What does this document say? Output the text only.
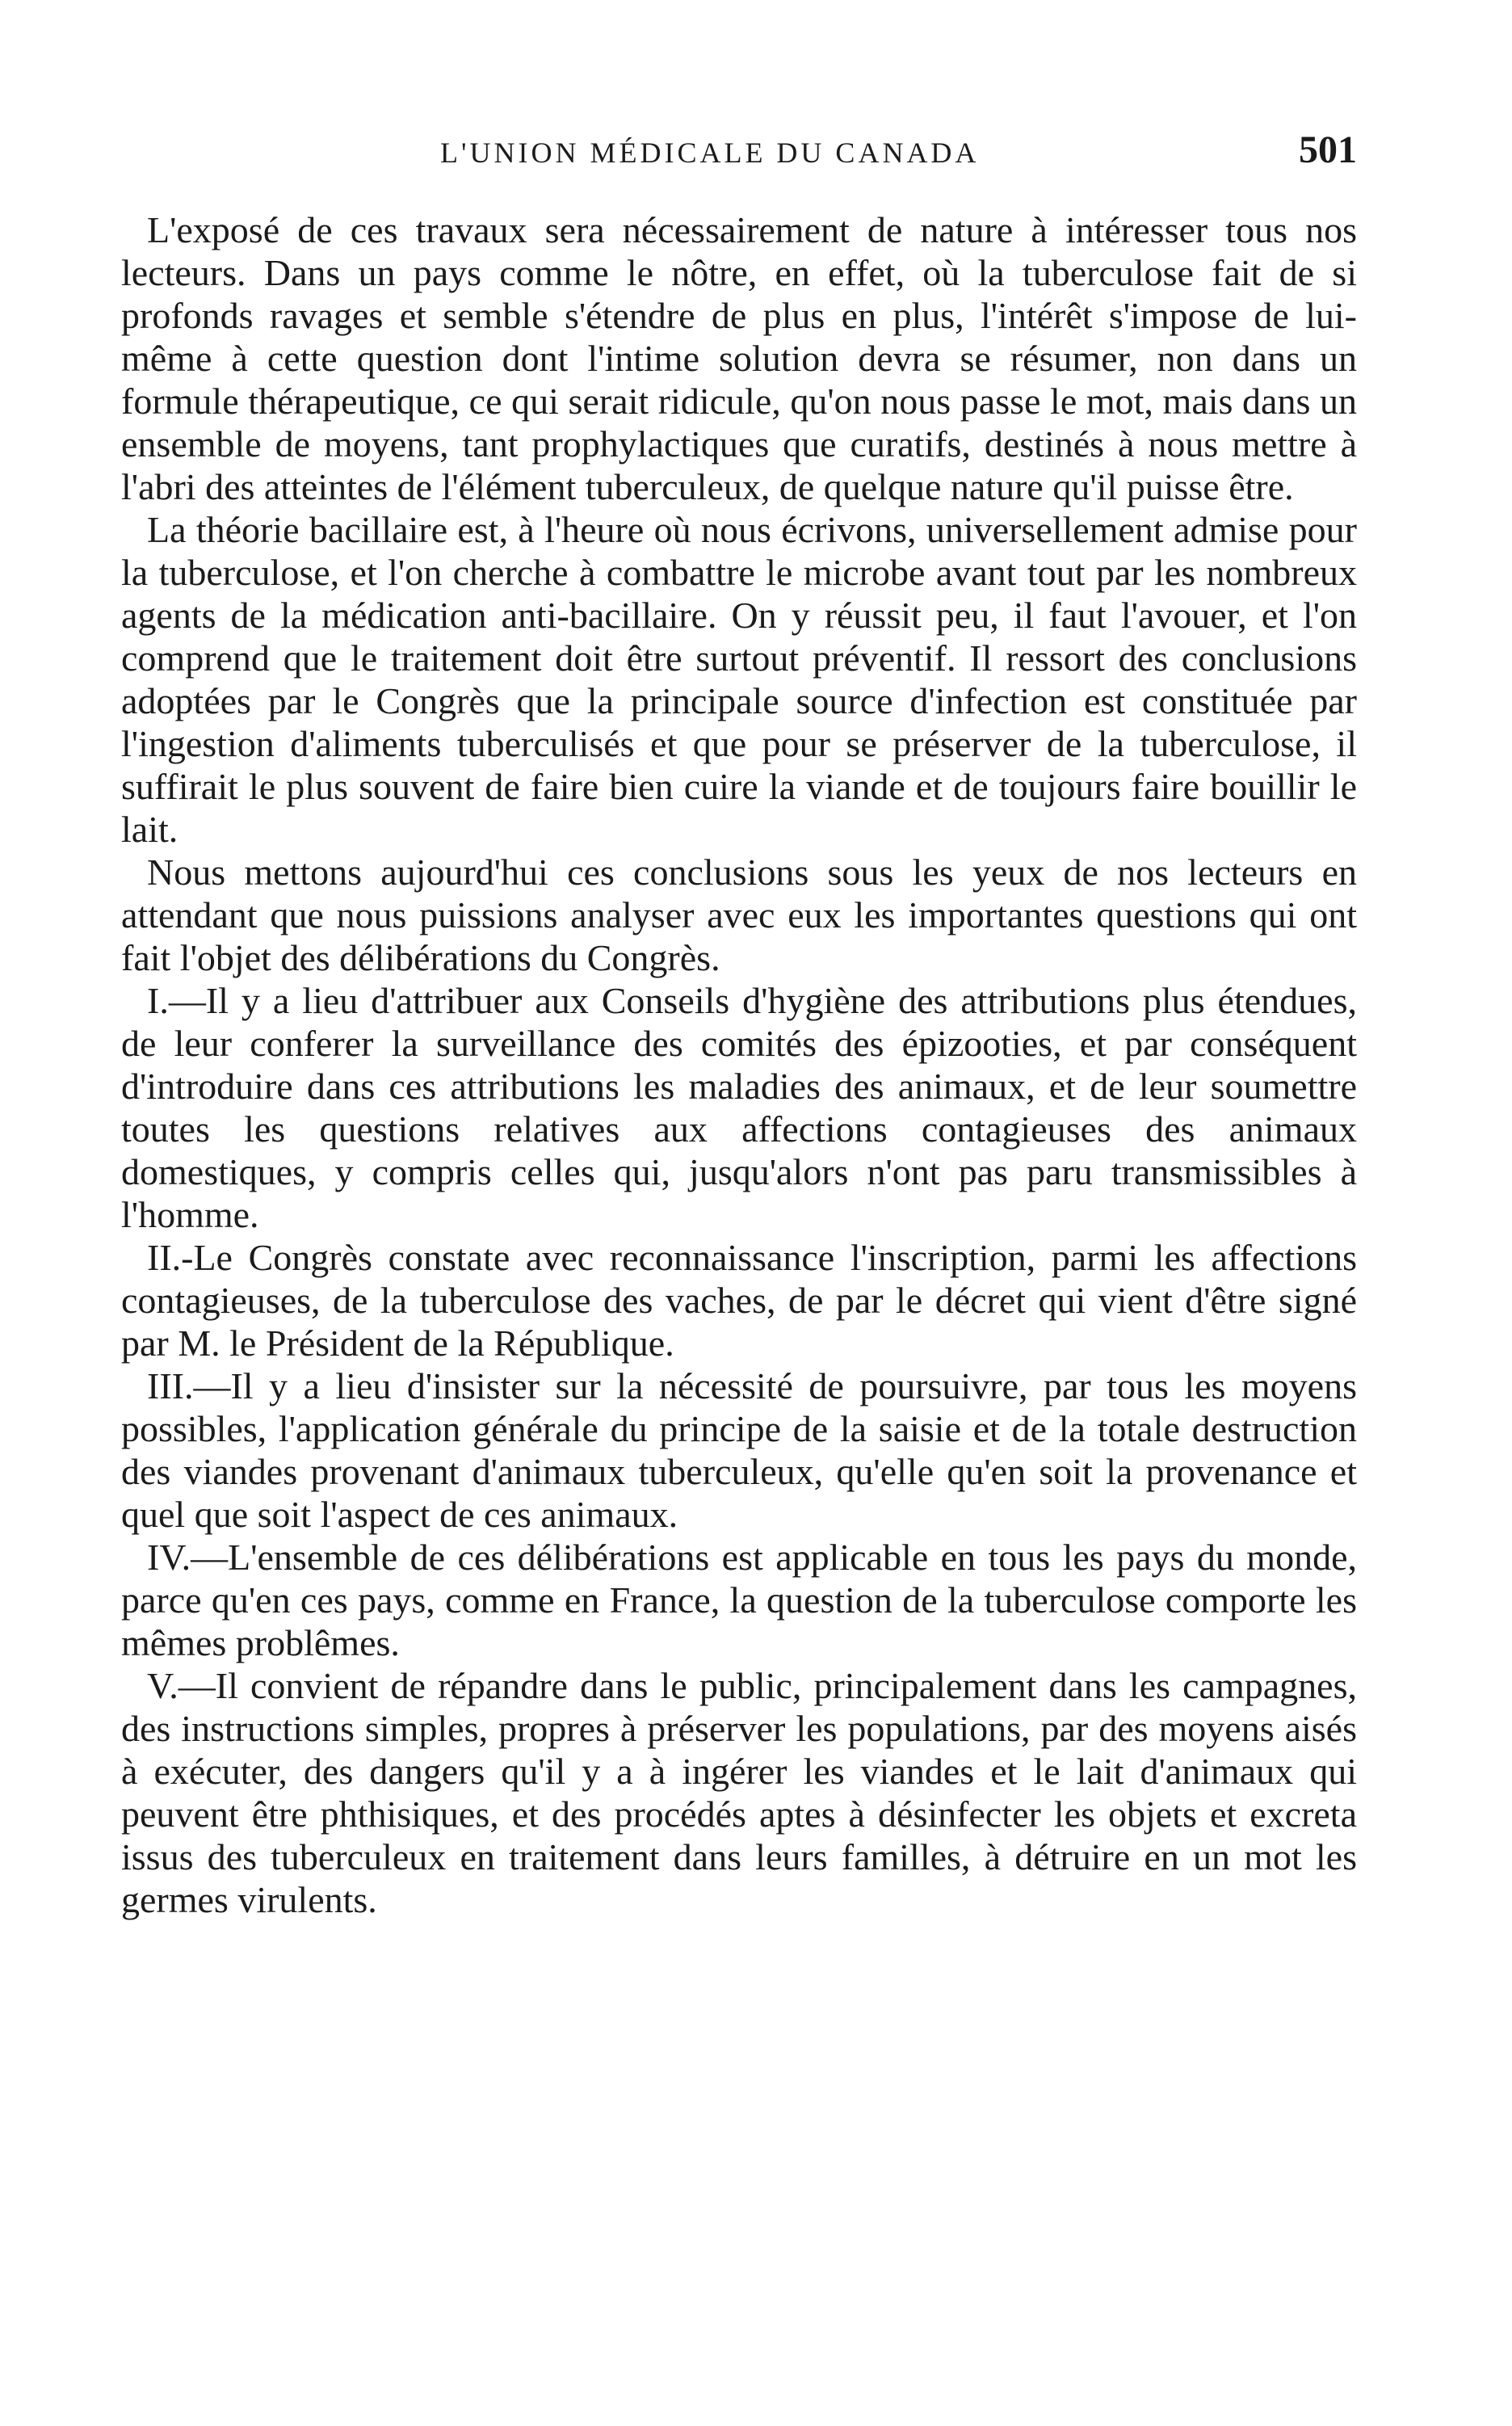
L'UNION MÉDICALE DU CANADA	501

L'exposé de ces travaux sera nécessairement de nature à intéresser tous nos lecteurs. Dans un pays comme le nôtre, en effet, où la tuberculose fait de si profonds ravages et semble s'étendre de plus en plus, l'intérêt s'impose de lui-même à cette question dont l'intime solution devra se résumer, non dans un formule thérapeutique, ce qui serait ridicule, qu'on nous passe le mot, mais dans un ensemble de moyens, tant prophylactiques que curatifs, destinés à nous mettre à l'abri des atteintes de l'élément tuberculeux, de quelque nature qu'il puisse être.

La théorie bacillaire est, à l'heure où nous écrivons, universellement admise pour la tuberculose, et l'on cherche à combattre le microbe avant tout par les nombreux agents de la médication anti-bacillaire. On y réussit peu, il faut l'avouer, et l'on comprend que le traitement doit être surtout préventif. Il ressort des conclusions adoptées par le Congrès que la principale source d'infection est constituée par l'ingestion d'aliments tuberculisés et que pour se préserver de la tuberculose, il suffirait le plus souvent de faire bien cuire la viande et de toujours faire bouillir le lait.

Nous mettons aujourd'hui ces conclusions sous les yeux de nos lecteurs en attendant que nous puissions analyser avec eux les importantes questions qui ont fait l'objet des délibérations du Congrès.

I.—Il y a lieu d'attribuer aux Conseils d'hygiène des attributions plus étendues, de leur conferer la surveillance des comités des épizooties, et par conséquent d'introduire dans ces attributions les maladies des animaux, et de leur soumettre toutes les questions relatives aux affections contagieuses des animaux domestiques, y compris celles qui, jusqu'alors n'ont pas paru transmissibles à l'homme.

II.-Le Congrès constate avec reconnaissance l'inscription, parmi les affections contagieuses, de la tuberculose des vaches, de par le décret qui vient d'être signé par M. le Président de la République.

III.—Il y a lieu d'insister sur la nécessité de poursuivre, par tous les moyens possibles, l'application générale du principe de la saisie et de la totale destruction des viandes provenant d'animaux tuberculeux, qu'elle qu'en soit la provenance et quel que soit l'aspect de ces animaux.

IV.—L'ensemble de ces délibérations est applicable en tous les pays du monde, parce qu'en ces pays, comme en France, la question de la tuberculose comporte les mêmes problêmes.

V.—Il convient de répandre dans le public, principalement dans les campagnes, des instructions simples, propres à préserver les populations, par des moyens aisés à exécuter, des dangers qu'il y a à ingérer les viandes et le lait d'animaux qui peuvent être phthisiques, et des procédés aptes à désinfecter les objets et excreta issus des tuberculeux en traitement dans leurs familles, à détruire en un mot les germes virulents.
